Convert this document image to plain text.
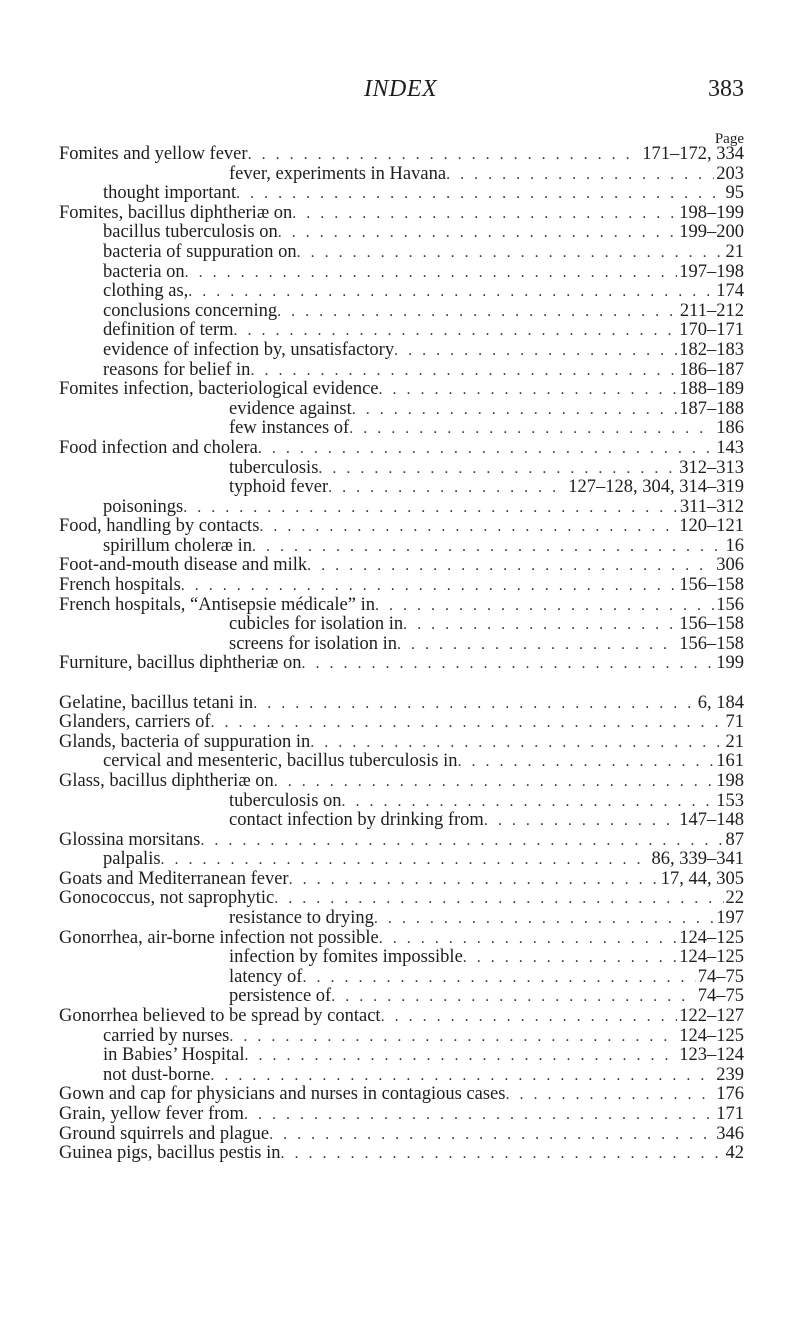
INDEX	383
Page
Fomites and yellow fever . . .	171–172, 334
fever, experiments in Havana . . .	203
thought important . . .	95
Fomites, bacillus diphtheriæ on . . .	198–199
bacillus tuberculosis on . . .	199–200
bacteria of suppuration on . . .	21
bacteria on . . .	197–198
clothing as, . . .	174
conclusions concerning . . .	211–212
definition of term . . .	170–171
evidence of infection by, unsatisfactory . . .	182–183
reasons for belief in . . .	186–187
Fomites infection, bacteriological evidence . . .	188–189
evidence against . . .	187–188
few instances of . . .	186
Food infection and cholera . . .	143
tuberculosis . . .	312–313
typhoid fever . . .	127–128, 304, 314–319
poisonings . . .	311–312
Food, handling by contacts . . .	120–121
spirillum choleræ in . . .	16
Foot-and-mouth disease and milk . . .	306
French hospitals . . .	156–158
French hospitals, “Antisepsie médicale” in . . .	156
cubicles for isolation in . . .	156–158
screens for isolation in . . .	156–158
Furniture, bacillus diphtheriæ on . . .	199
Gelatine, bacillus tetani in . . .	6, 184
Glanders, carriers of . . .	71
Glands, bacteria of suppuration in . . .	21
cervical and mesenteric, bacillus tuberculosis in . . .	161
Glass, bacillus diphtheriæ on . . .	198
tuberculosis on . . .	153
contact infection by drinking from . . .	147–148
Glossina morsitans . . .	87
palpalis . . .	86, 339–341
Goats and Mediterranean fever . . .	17, 44, 305
Gonococcus, not saprophytic . . .	22
resistance to drying . . .	197
Gonorrhea, air-borne infection not possible . . .	124–125
infection by fomites impossible . . .	124–125
latency of . . .	74–75
persistence of . . .	74–75
Gonorrhea believed to be spread by contact . . .	122–127
carried by nurses . . .	124–125
in Babies’ Hospital . . .	123–124
not dust-borne . . .	239
Gown and cap for physicians and nurses in contagious cases . . .	176
Grain, yellow fever from . . .	171
Ground squirrels and plague . . .	346
Guinea pigs, bacillus pestis in . . .	42
